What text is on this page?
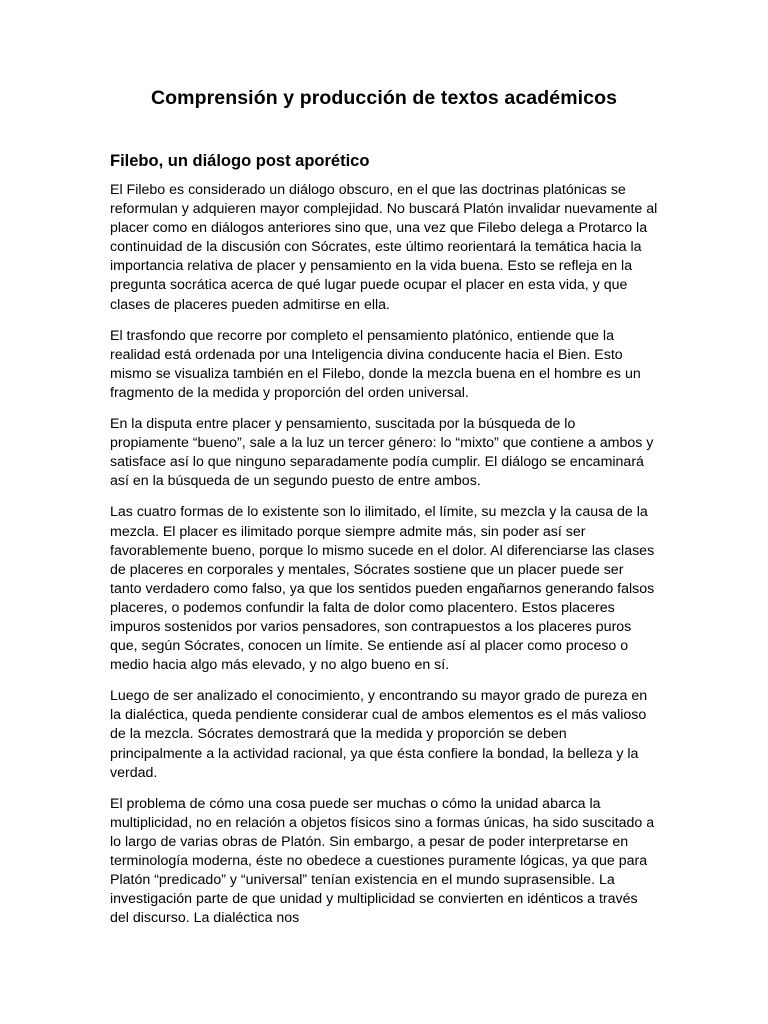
Comprensión y producción de textos académicos
Filebo, un diálogo post aporético

El Filebo es considerado un diálogo obscuro, en el que las doctrinas platónicas se reformulan y adquieren mayor complejidad. No buscará Platón invalidar nuevamente al placer como en diálogos anteriores sino que, una vez que Filebo delega a Protarco la continuidad de la discusión con Sócrates, este último reorientará la temática hacia la importancia relativa de placer y pensamiento en la vida buena. Esto se refleja en la pregunta socrática acerca de qué lugar puede ocupar el placer en esta vida, y que clases de placeres pueden admitirse en ella.

El trasfondo que recorre por completo el pensamiento platónico, entiende que la realidad está ordenada por una Inteligencia divina conducente hacia el Bien. Esto mismo se visualiza también en el Filebo, donde la mezcla buena en el hombre es un fragmento de la medida y proporción del orden universal.

En la disputa entre placer y pensamiento, suscitada por la búsqueda de lo propiamente “bueno”, sale a la luz un tercer género: lo “mixto” que contiene a ambos y satisface así lo que ninguno separadamente podía cumplir. El diálogo se encaminará así en la búsqueda de un segundo puesto de entre ambos.

Las cuatro formas de lo existente son lo ilimitado, el límite, su mezcla y la causa de la mezcla. El placer es ilimitado porque siempre admite más, sin poder así ser favorablemente bueno, porque lo mismo sucede en el dolor. Al diferenciarse las clases de placeres en corporales y mentales, Sócrates sostiene que un placer puede ser tanto verdadero como falso, ya que los sentidos pueden engañarnos generando falsos placeres, o podemos confundir la falta de dolor como placentero. Estos placeres impuros sostenidos por varios pensadores, son contrapuestos a los placeres puros que, según Sócrates, conocen un límite. Se entiende así al placer como proceso o medio hacia algo más elevado, y no algo bueno en sí.

Luego de ser analizado el conocimiento, y encontrando su mayor grado de pureza en la dialéctica, queda pendiente considerar cual de ambos elementos es el más valioso de la mezcla. Sócrates demostrará que la medida y proporción se deben principalmente a la actividad racional, ya que ésta confiere la bondad, la belleza y la verdad.

El problema de cómo una cosa puede ser muchas o cómo la unidad abarca la multiplicidad, no en relación a objetos físicos sino a formas únicas, ha sido suscitado a lo largo de varias obras de Platón. Sin embargo, a pesar de poder interpretarse en terminología moderna, éste no obedece a cuestiones puramente lógicas, ya que para Platón “predicado” y “universal” tenían existencia en el mundo suprasensible. La investigación parte de que unidad y multiplicidad se convierten en idénticos a través del discurso. La dialéctica nos
